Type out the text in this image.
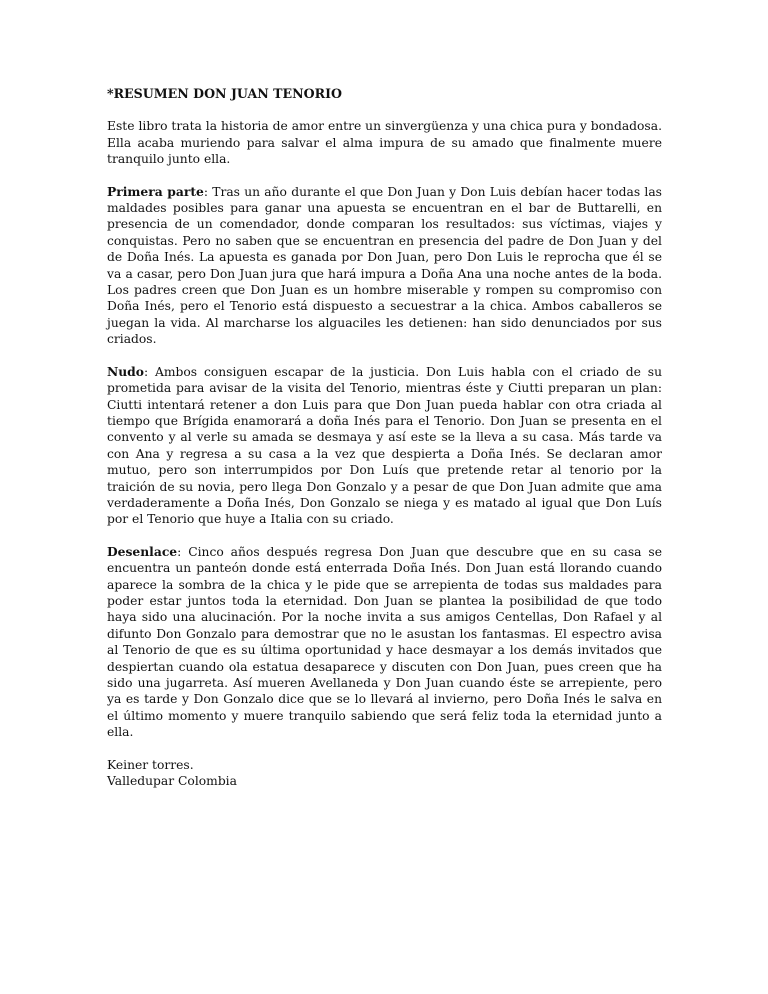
*RESUMEN DON JUAN TENORIO

Este libro trata la historia de amor entre un sinvergüenza y una chica pura y bondadosa. Ella acaba muriendo para salvar el alma impura de su amado que finalmente muere tranquilo junto ella.

Primera parte: Tras un año durante el que Don Juan y Don Luis debían hacer todas las maldades posibles para ganar una apuesta se encuentran en el bar de Buttarelli, en presencia de un comendador, donde comparan los resultados: sus víctimas, viajes y conquistas. Pero no saben que se encuentran en presencia del padre de Don Juan y del de Doña Inés. La apuesta es ganada por Don Juan, pero Don Luis le reprocha que él se va a casar, pero Don Juan jura que hará impura a Doña Ana una noche antes de la boda. Los padres creen que Don Juan es un hombre miserable y rompen su compromiso con Doña Inés, pero el Tenorio está dispuesto a secuestrar a la chica. Ambos caballeros se juegan la vida. Al marcharse los alguaciles les detienen: han sido denunciados por sus criados.

Nudo: Ambos consiguen escapar de la justicia. Don Luis habla con el criado de su prometida para avisar de la visita del Tenorio, mientras éste y Ciutti preparan un plan: Ciutti intentará retener a don Luis para que Don Juan pueda hablar con otra criada al tiempo que Brígida enamorará a doña Inés para el Tenorio. Don Juan se presenta en el convento y al verle su amada se desmaya y así este se la lleva a su casa. Más tarde va con Ana y regresa a su casa a la vez que despierta a Doña Inés. Se declaran amor mutuo, pero son interrumpidos por Don Luís que pretende retar al tenorio por la traición de su novia, pero llega Don Gonzalo y a pesar de que Don Juan admite que ama verdaderamente a Doña Inés, Don Gonzalo se niega y es matado al igual que Don Luís por el Tenorio que huye a Italia con su criado.

Desenlace: Cinco años después regresa Don Juan que descubre que en su casa se encuentra un panteón donde está enterrada Doña Inés. Don Juan está llorando cuando aparece la sombra de la chica y le pide que se arrepienta de todas sus maldades para poder estar juntos toda la eternidad. Don Juan se plantea la posibilidad de que todo haya sido una alucinación. Por la noche invita a sus amigos Centellas, Don Rafael y al difunto Don Gonzalo para demostrar que no le asustan los fantasmas. El espectro avisa al Tenorio de que es su última oportunidad y hace desmayar a los demás invitados que despiertan cuando ola estatua desaparece y discuten con Don Juan, pues creen que ha sido una jugarreta. Así mueren Avellaneda y Don Juan cuando éste se arrepiente, pero ya es tarde y Don Gonzalo dice que se lo llevará al invierno, pero Doña Inés le salva en el último momento y muere tranquilo sabiendo que será feliz toda la eternidad junto a ella.

Keiner torres.

Valledupar Colombia
